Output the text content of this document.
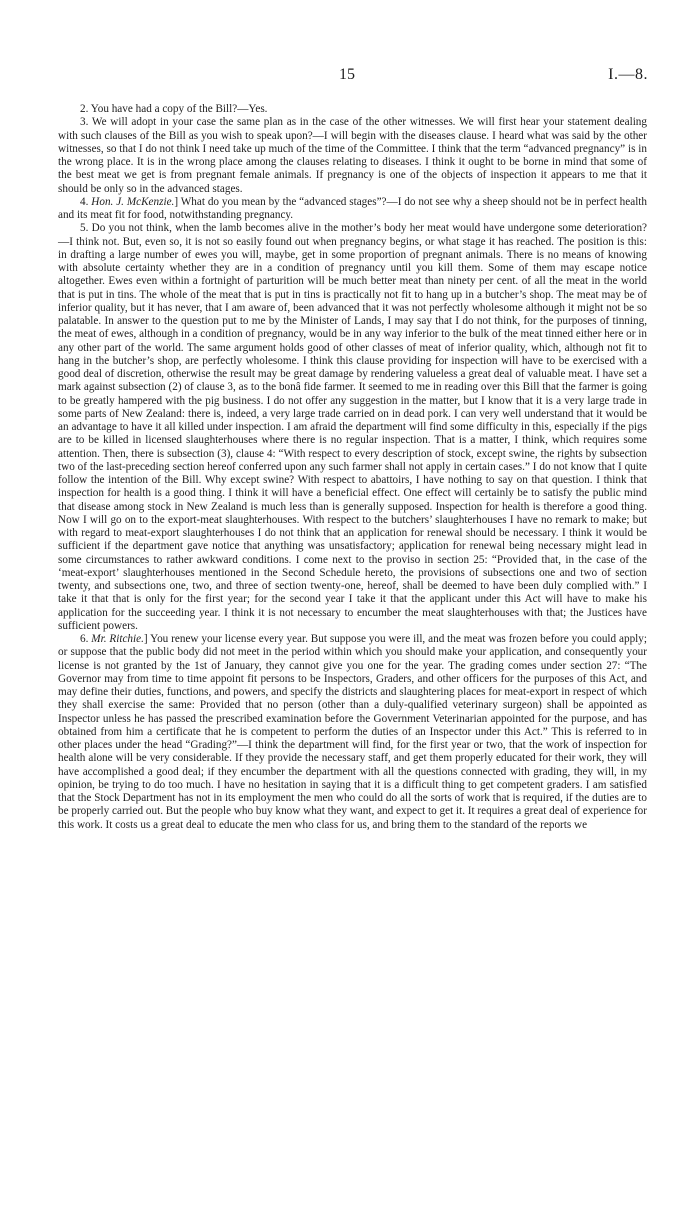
15	I.—8.

2. You have had a copy of the Bill?—Yes.

3. We will adopt in your case the same plan as in the case of the other witnesses. We will first hear your statement dealing with such clauses of the Bill as you wish to speak upon?—I will begin with the diseases clause. I heard what was said by the other witnesses, so that I do not think I need take up much of the time of the Committee. I think that the term “advanced pregnancy” is in the wrong place. It is in the wrong place among the clauses relating to diseases. I think it ought to be borne in mind that some of the best meat we get is from pregnant female animals. If pregnancy is one of the objects of inspection it appears to me that it should be only so in the advanced stages.

4. Hon. J. McKenzie.] What do you mean by the “advanced stages”?—I do not see why a sheep should not be in perfect health and its meat fit for food, notwithstanding pregnancy.

5. Do you not think, when the lamb becomes alive in the mother’s body her meat would have undergone some deterioration?—I think not. But, even so, it is not so easily found out when pregnancy begins, or what stage it has reached. The position is this: in drafting a large number of ewes you will, maybe, get in some proportion of pregnant animals. There is no means of knowing with absolute certainty whether they are in a condition of pregnancy until you kill them. Some of them may escape notice altogether. Ewes even within a fortnight of parturition will be much better meat than ninety per cent. of all the meat in the world that is put in tins. The whole of the meat that is put in tins is practically not fit to hang up in a butcher’s shop. The meat may be of inferior quality, but it has never, that I am aware of, been advanced that it was not perfectly wholesome although it might not be so palatable. In answer to the question put to me by the Minister of Lands, I may say that I do not think, for the purposes of tinning, the meat of ewes, although in a condition of pregnancy, would be in any way inferior to the bulk of the meat tinned either here or in any other part of the world. The same argument holds good of other classes of meat of inferior quality, which, although not fit to hang in the butcher’s shop, are perfectly wholesome. I think this clause providing for inspection will have to be exercised with a good deal of discretion, otherwise the result may be great damage by rendering valueless a great deal of valuable meat. I have set a mark against subsection (2) of clause 3, as to the bonâ fide farmer. It seemed to me in reading over this Bill that the farmer is going to be greatly hampered with the pig business. I do not offer any suggestion in the matter, but I know that it is a very large trade in some parts of New Zealand: there is, indeed, a very large trade carried on in dead pork. I can very well understand that it would be an advantage to have it all killed under inspection. I am afraid the department will find some difficulty in this, especially if the pigs are to be killed in licensed slaughterhouses where there is no regular inspection. That is a matter, I think, which requires some attention. Then, there is subsection (3), clause 4: “With respect to every description of stock, except swine, the rights by subsection two of the last-preceding section hereof conferred upon any such farmer shall not apply in certain cases.” I do not know that I quite follow the intention of the Bill. Why except swine? With respect to abattoirs, I have nothing to say on that question. I think that inspection for health is a good thing. I think it will have a beneficial effect. One effect will certainly be to satisfy the public mind that disease among stock in New Zealand is much less than is generally supposed. Inspection for health is therefore a good thing. Now I will go on to the export-meat slaughterhouses. With respect to the butchers’ slaughterhouses I have no remark to make; but with regard to meat-export slaughterhouses I do not think that an application for renewal should be necessary. I think it would be sufficient if the department gave notice that anything was unsatisfactory; application for renewal being necessary might lead in some circumstances to rather awkward conditions. I come next to the proviso in section 25: “Provided that, in the case of the ‘meat-export’ slaughterhouses mentioned in the Second Schedule hereto, the provisions of subsections one and two of section twenty, and subsections one, two, and three of section twenty-one, hereof, shall be deemed to have been duly complied with.” I take it that that is only for the first year; for the second year I take it that the applicant under this Act will have to make his application for the succeeding year. I think it is not necessary to encumber the meat slaughterhouses with that; the Justices have sufficient powers.

6. Mr. Ritchie.] You renew your license every year. But suppose you were ill, and the meat was frozen before you could apply; or suppose that the public body did not meet in the period within which you should make your application, and consequently your license is not granted by the 1st of January, they cannot give you one for the year. The grading comes under section 27: “The Governor may from time to time appoint fit persons to be Inspectors, Graders, and other officers for the purposes of this Act, and may define their duties, functions, and powers, and specify the districts and slaughtering places for meat-export in respect of which they shall exercise the same: Provided that no person (other than a duly-qualified veterinary surgeon) shall be appointed as Inspector unless he has passed the prescribed examination before the Government Veterinarian appointed for the purpose, and has obtained from him a certificate that he is competent to perform the duties of an Inspector under this Act.” This is referred to in other places under the head “Grading?”—I think the department will find, for the first year or two, that the work of inspection for health alone will be very considerable. If they provide the necessary staff, and get them properly educated for their work, they will have accomplished a good deal; if they encumber the department with all the questions connected with grading, they will, in my opinion, be trying to do too much. I have no hesitation in saying that it is a difficult thing to get competent graders. I am satisfied that the Stock Department has not in its employment the men who could do all the sorts of work that is required, if the duties are to be properly carried out. But the people who buy know what they want, and expect to get it. It requires a great deal of experience for this work. It costs us a great deal to educate the men who class for us, and bring them to the standard of the reports we
